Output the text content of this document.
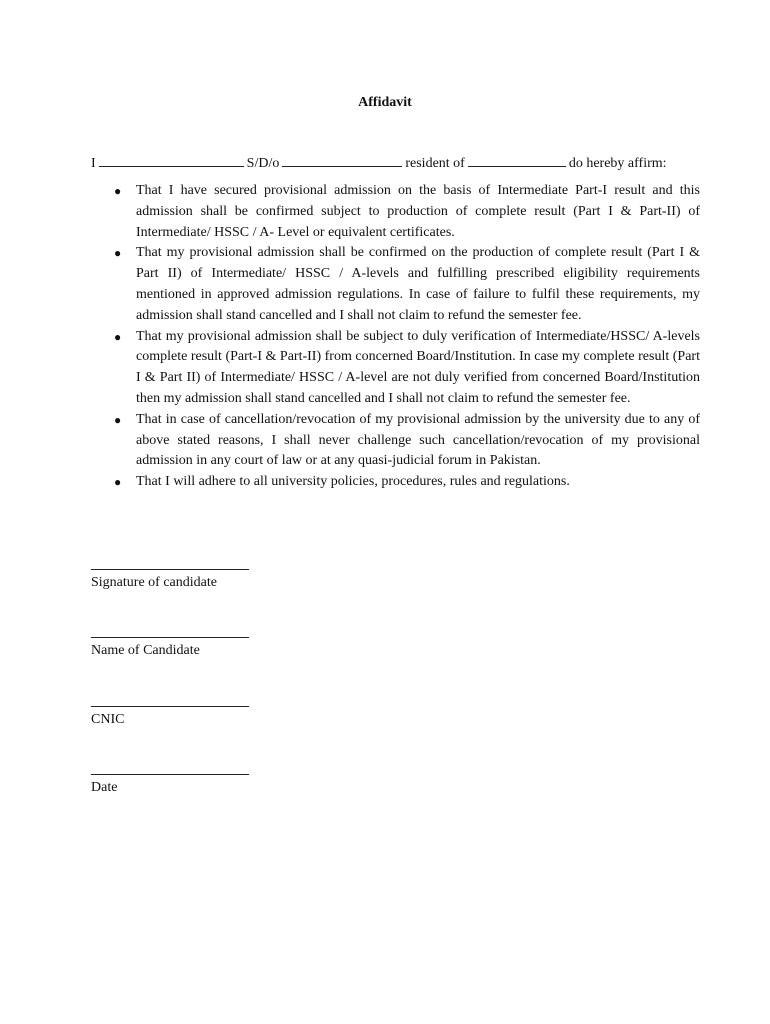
Affidavit
I	S/D/o	resident of	do hereby affirm:
● That I have secured provisional admission on the basis of Intermediate Part-I result and this admission shall be confirmed subject to production of complete result (Part I & Part-II) of Intermediate/ HSSC / A- Level or equivalent certificates.
● That my provisional admission shall be confirmed on the production of complete result (Part I & Part II) of Intermediate/ HSSC / A-levels and fulfilling prescribed eligibility requirements mentioned in approved admission regulations. In case of failure to fulfil these requirements, my admission shall stand cancelled and I shall not claim to refund the semester fee.
● That my provisional admission shall be subject to duly verification of Intermediate/HSSC/ A-levels complete result (Part-I & Part-II) from concerned Board/Institution. In case my complete result (Part I & Part II) of Intermediate/ HSSC / A-level are not duly verified from concerned Board/Institution then my admission shall stand cancelled and I shall not claim to refund the semester fee.
● That in case of cancellation/revocation of my provisional admission by the university due to any of above stated reasons, I shall never challenge such cancellation/revocation of my provisional admission in any court of law or at any quasi-judicial forum in Pakistan.
● That I will adhere to all university policies, procedures, rules and regulations.
Signature of candidate
Name of Candidate
CNIC
Date
